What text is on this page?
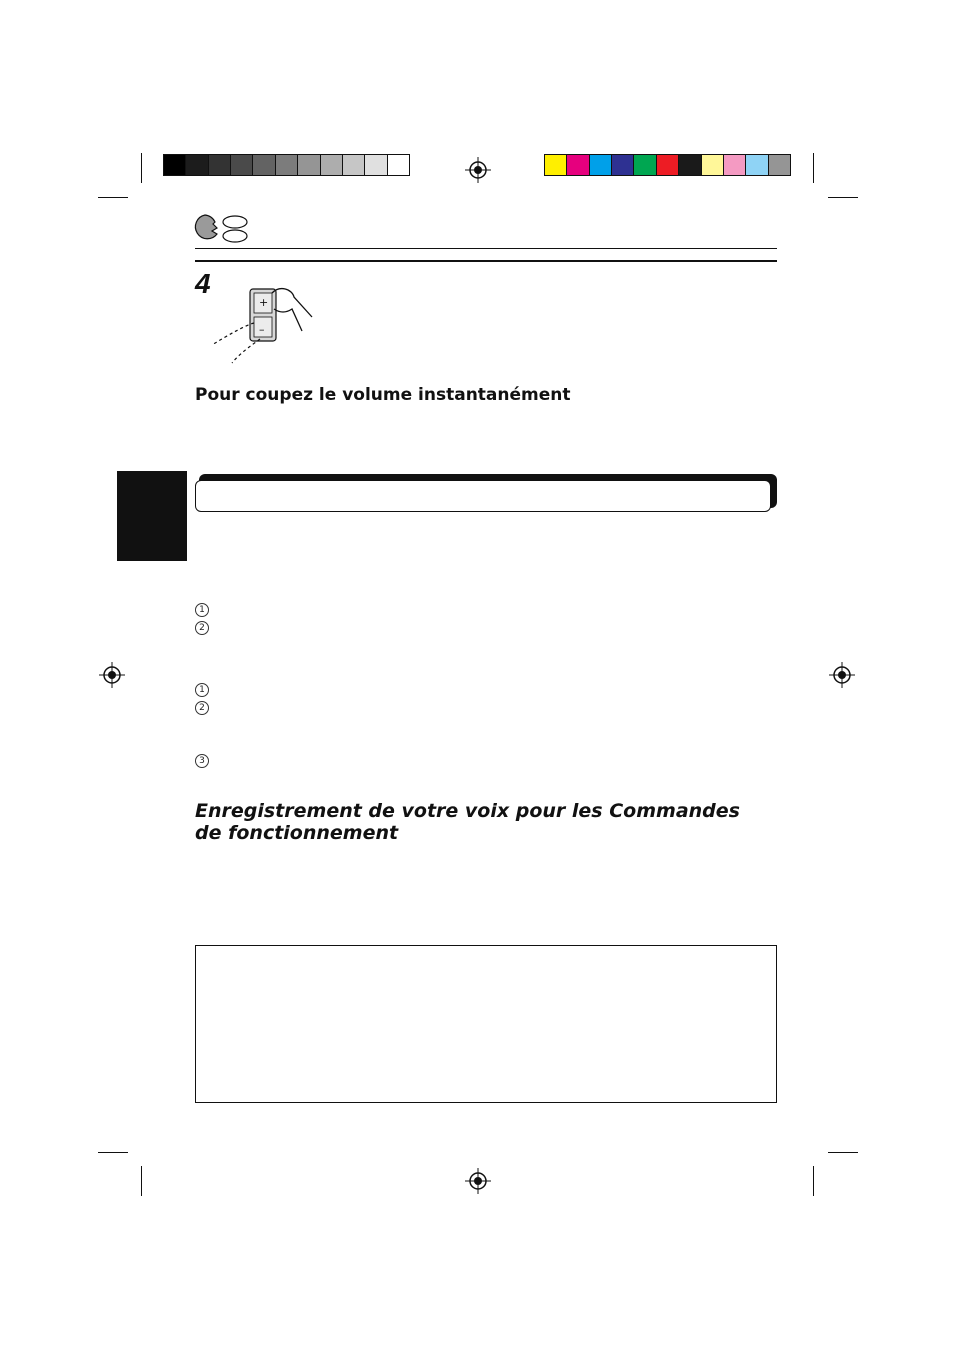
4
+
–
Pour coupez le volume instantanément
1
2
1
2
3
Enregistrement de votre voix pour les Commandes
de fonctionnement
